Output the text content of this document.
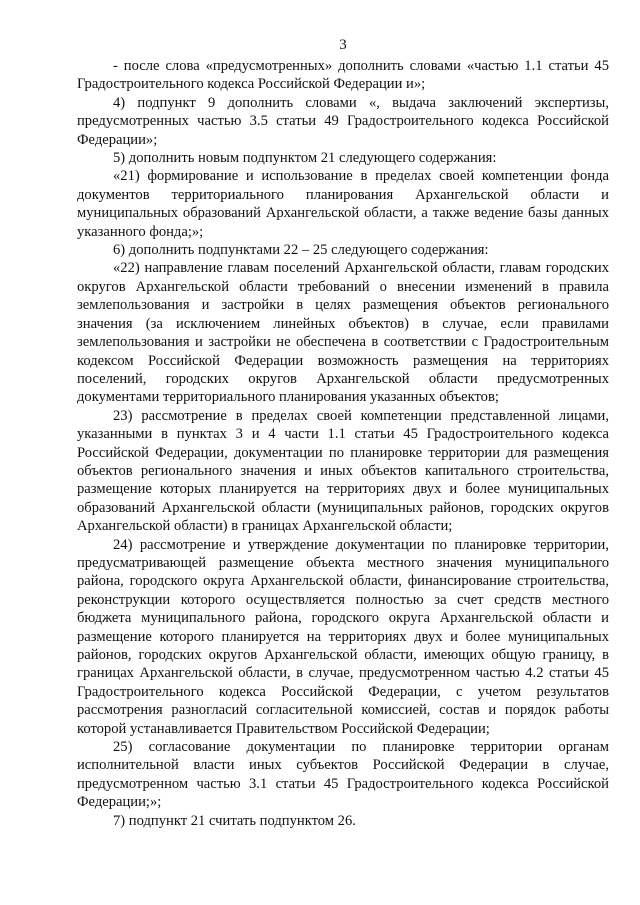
3

- после слова «предусмотренных» дополнить словами «частью 1.1 статьи 45 Градостроительного кодекса Российской Федерации и»;

4) подпункт 9 дополнить словами «, выдача заключений экспертизы, предусмотренных частью 3.5 статьи 49 Градостроительного кодекса Российской Федерации»;

5) дополнить новым подпунктом 21 следующего содержания:

«21) формирование и использование в пределах своей компетенции фонда документов территориального планирования Архангельской области и муниципальных образований Архангельской области, а также ведение базы данных указанного фонда;»;

6) дополнить подпунктами 22 – 25 следующего содержания:

«22) направление главам поселений Архангельской области, главам городских округов Архангельской области требований о внесении изменений в правила землепользования и застройки в целях размещения объектов регионального значения (за исключением линейных объектов) в случае, если правилами землепользования и застройки не обеспечена в соответствии с Градостроительным кодексом Российской Федерации возможность размещения на территориях поселений, городских округов Архангельской области предусмотренных документами территориального планирования указанных объектов;

23) рассмотрение в пределах своей компетенции представленной лицами, указанными в пунктах 3 и 4 части 1.1 статьи 45 Градостроительного кодекса Российской Федерации, документации по планировке территории для размещения объектов регионального значения и иных объектов капитального строительства, размещение которых планируется на территориях двух и более муниципальных образований Архангельской области (муниципальных районов, городских округов Архангельской области) в границах Архангельской области;

24) рассмотрение и утверждение документации по планировке территории, предусматривающей размещение объекта местного значения муниципального района, городского округа Архангельской области, финансирование строительства, реконструкции которого осуществляется полностью за счет средств местного бюджета муниципального района, городского округа Архангельской области и размещение которого планируется на территориях двух и более муниципальных районов, городских округов Архангельской области, имеющих общую границу, в границах Архангельской области, в случае, предусмотренном частью 4.2 статьи 45 Градостроительного кодекса Российской Федерации, с учетом результатов рассмотрения разногласий согласительной комиссией, состав и порядок работы которой устанавливается Правительством Российской Федерации;

25) согласование документации по планировке территории органам исполнительной власти иных субъектов Российской Федерации в случае, предусмотренном частью 3.1 статьи 45 Градостроительного кодекса Российской Федерации;»;

7) подпункт 21 считать подпунктом 26.
